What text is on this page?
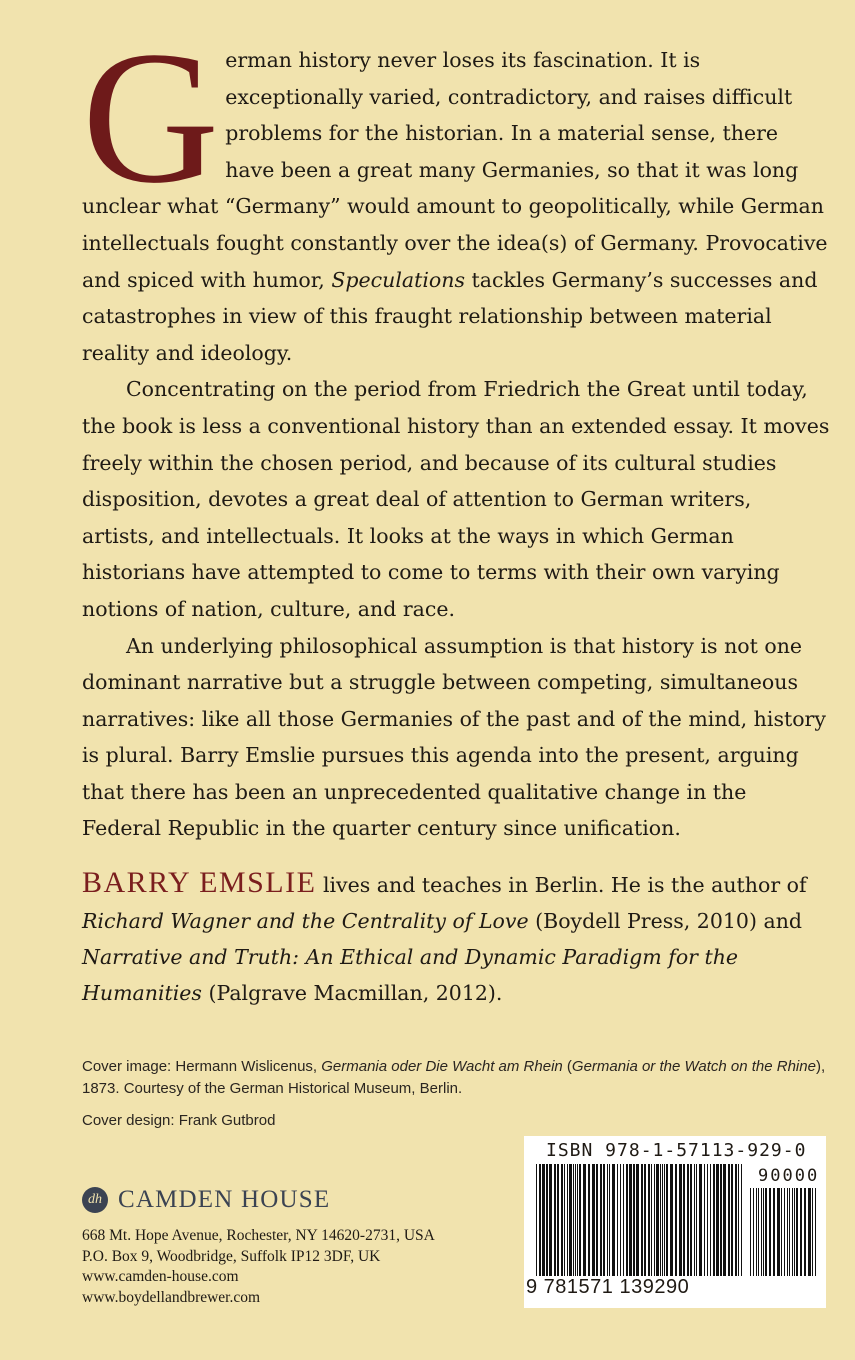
German history never loses its fascination. It is exceptionally varied, contradictory, and raises difficult problems for the historian. In a material sense, there have been a great many Germanies, so that it was long unclear what “Germany” would amount to geopolitically, while German intellectuals fought constantly over the idea(s) of Germany. Provocative and spiced with humor, Speculations tackles Germany’s successes and catastrophes in view of this fraught relationship between material reality and ideology.

Concentrating on the period from Friedrich the Great until today, the book is less a conventional history than an extended essay. It moves freely within the chosen period, and because of its cultural studies disposition, devotes a great deal of attention to German writers, artists, and intellectuals. It looks at the ways in which German historians have attempted to come to terms with their own varying notions of nation, culture, and race.

An underlying philosophical assumption is that history is not one dominant narrative but a struggle between competing, simultaneous narratives: like all those Germanies of the past and of the mind, history is plural. Barry Emslie pursues this agenda into the present, arguing that there has been an unprecedented qualitative change in the Federal Republic in the quarter century since unification.

BARRY EMSLIE lives and teaches in Berlin. He is the author of Richard Wagner and the Centrality of Love (Boydell Press, 2010) and Narrative and Truth: An Ethical and Dynamic Paradigm for the Humanities (Palgrave Macmillan, 2012).

Cover image: Hermann Wislicenus, Germania oder Die Wacht am Rhein (Germania or the Watch on the Rhine), 1873. Courtesy of the German Historical Museum, Berlin.

Cover design: Frank Gutbrod

dh CAMDEN HOUSE
668 Mt. Hope Avenue, Rochester, NY 14620-2731, USA
P.O. Box 9, Woodbridge, Suffolk IP12 3DF, UK
www.camden-house.com
www.boydellandbrewer.com
ISBN 978-1-57113-929-0
90000
9 781571 139290
